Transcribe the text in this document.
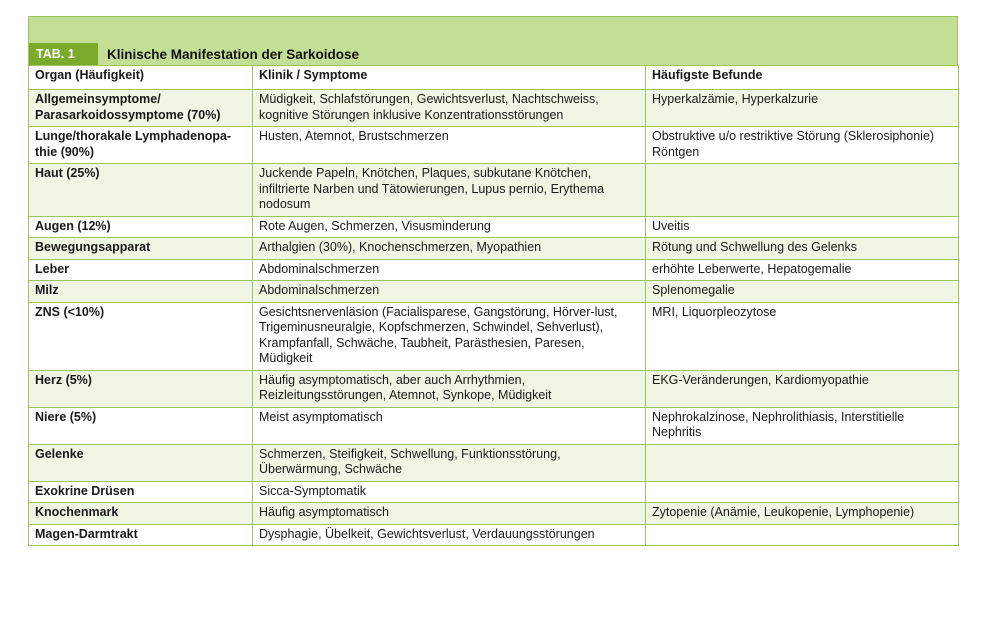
TAB. 1	Klinische Manifestation der Sarkoidose
Organ (Häufigkeit)	Klinik / Symptome	Häufigste Befunde
Allgemeinsymptome/ Parasarkoidossymptome (70%)	Müdigkeit, Schlafstörungen, Gewichtsverlust, Nachtschweiss, kognitive Störungen inklusive Konzentrationsstörungen	Hyperkalzämie, Hyperkalzurie
Lunge/thorakale Lymphadenopa-thie (90%)	Husten, Atemnot, Brustschmerzen	Obstruktive u/o restriktive Störung (Sklerosiphonie) Röntgen
Haut (25%)	Juckende Papeln, Knötchen, Plaques, subkutane Knötchen, infiltrierte Narben und Tätowierungen, Lupus pernio, Erythema nodosum	
Augen (12%)	Rote Augen, Schmerzen, Visusminderung	Uveitis
Bewegungsapparat	Arthalgien (30%), Knochenschmerzen, Myopathien	Rötung und Schwellung des Gelenks
Leber	Abdominalschmerzen	erhöhte Leberwerte, Hepatogemalie
Milz	Abdominalschmerzen	Splenomegalie
ZNS (<10%)	Gesichtsnervenläsion (Facialisparese, Gangstörung, Hörver-lust, Trigeminusneuralgie, Kopfschmerzen, Schwindel, Sehverlust), Krampfanfall, Schwäche, Taubheit, Parästhesien, Paresen, Müdigkeit	MRI, Liquorpleozytose
Herz (5%)	Häufig asymptomatisch, aber auch Arrhythmien, Reizleitungsstörungen, Atemnot, Synkope, Müdigkeit	EKG-Veränderungen, Kardiomyopathie
Niere (5%)	Meist asymptomatisch	Nephrokalzinose, Nephrolithiasis, Interstitielle Nephritis
Gelenke	Schmerzen, Steifigkeit, Schwellung, Funktionsstörung, Überwärmung, Schwäche	
Exokrine Drüsen	Sicca-Symptomatik	
Knochenmark	Häufig asymptomatisch	Zytopenie (Anämie, Leukopenie, Lymphopenie)
Magen-Darmtrakt	Dysphagie, Übelkeit, Gewichtsverlust, Verdauungsstörungen	
